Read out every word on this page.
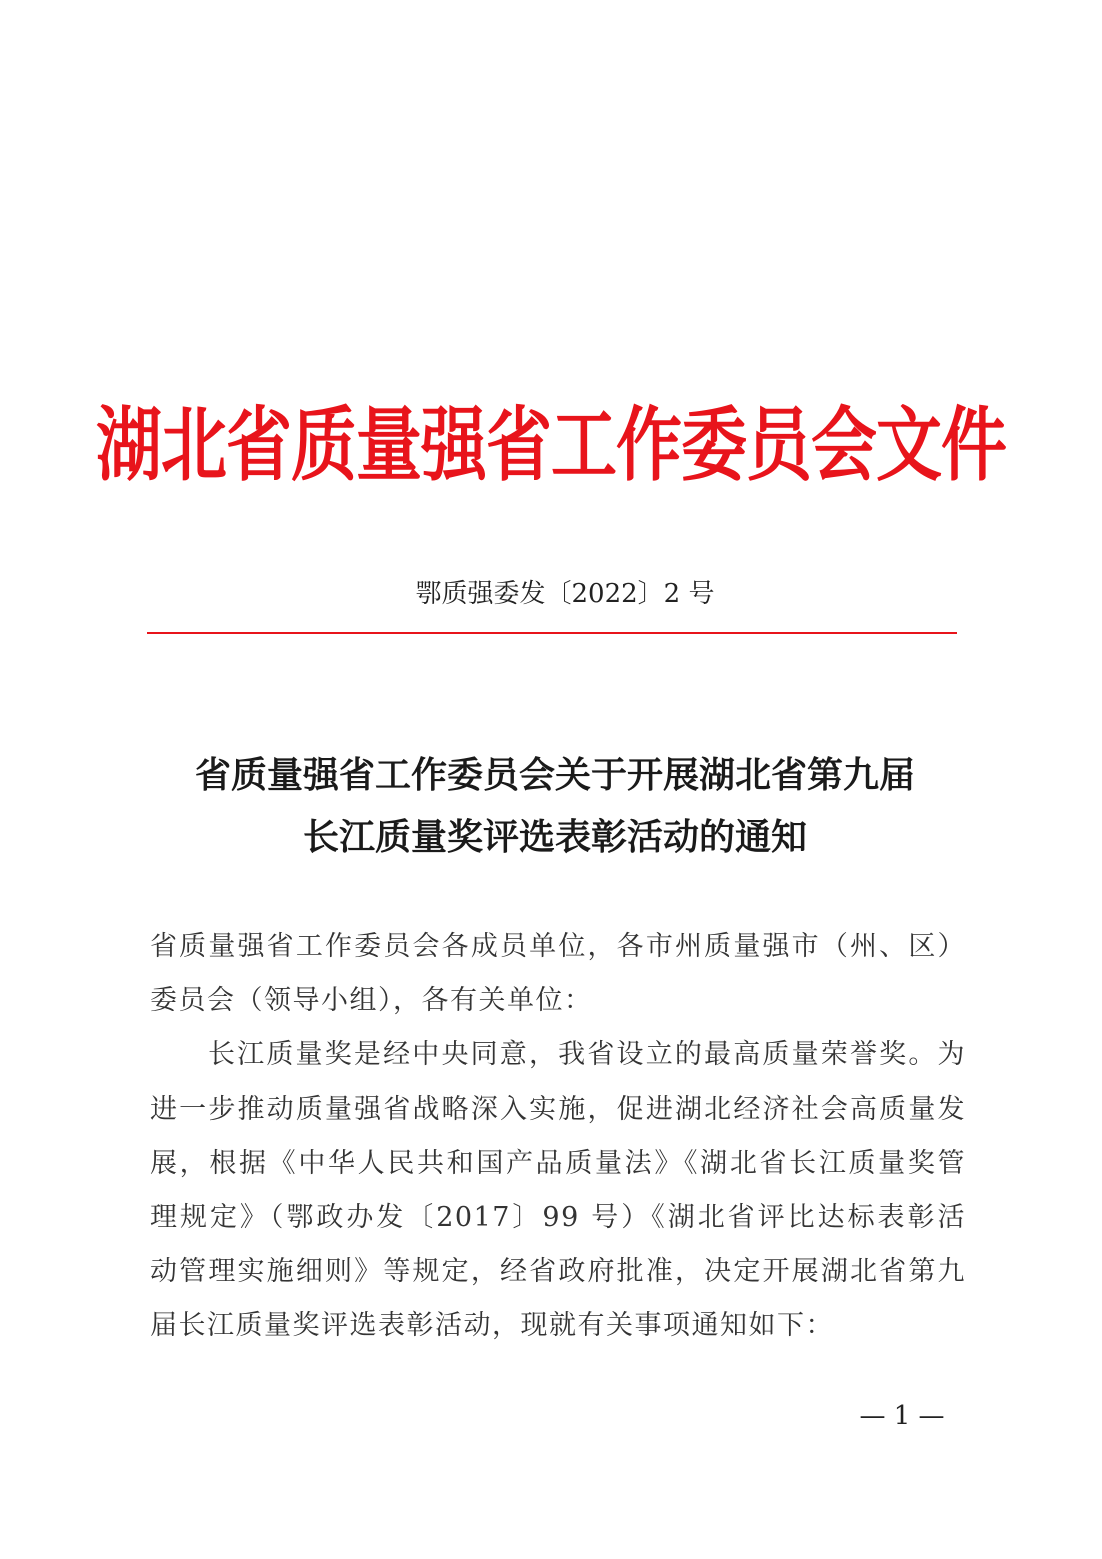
湖北省质量强省工作委员会文件
鄂质强委发〔2022〕2 号
省质量强省工作委员会关于开展湖北省第九届
长江质量奖评选表彰活动的通知
省质量强省工作委员会各成员单位，各市州质量强市（州、区）
委员会（领导小组），各有关单位：
长江质量奖是经中央同意，我省设立的最高质量荣誉奖。为
进一步推动质量强省战略深入实施，促进湖北经济社会高质量发
展，根据《中华人民共和国产品质量法》《湖北省长江质量奖管
理规定》（鄂政办发〔2017〕99 号）《湖北省评比达标表彰活
动管理实施细则》等规定，经省政府批准，决定开展湖北省第九
届长江质量奖评选表彰活动，现就有关事项通知如下：
— 1 —
